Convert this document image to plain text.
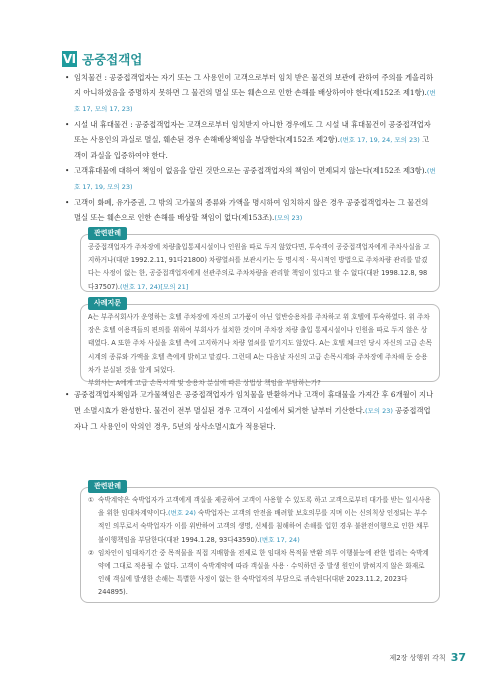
Ⅵ 공중접객업

• 임치물건 : 공중접객업자는 자기 또는 그 사용인이 고객으로부터 임치 받은 물건의 보관에 관하여 주의를 게을리하지 아니하였음을 증명하지 못하면 그 물건의 멸실 또는 훼손으로 인한 손해를 배상하여야 한다(제152조 제1항).(변호 17, 모의 17, 23)

• 시설 내 휴대물건 : 공중접객업자는 고객으로부터 임치받지 아니한 경우에도 그 시설 내 휴대물건이 공중접객업자 또는 사용인의 과실로 멸실, 훼손된 경우 손해배상책임을 부담한다(제152조 제2항).(변호 17, 19, 24, 모의 23) 고객이 과실을 입증하여야 한다.

• 고객휴대물에 대하여 책임이 없음을 알린 것만으로는 공중접객업자의 책임이 면제되지 않는다(제152조 제3항).(변호 17, 19, 모의 23)

• 고객이 화폐, 유가증권, 그 밖의 고가물의 종류와 가액을 명시하여 임치하지 않은 경우 공중접객업자는 그 물건의 멸실 또는 훼손으로 인한 손해를 배상할 책임이 없다(제153조).(모의 23)

관련판례

공중접객업자가 주차장에 차량출입통제시설이나 인원을 따로 두지 않았다면, 투숙객이 공중접객업자에게 주차사실을 고지하거나(대판 1992.2.11, 91다21800) 차량열쇠를 보관시키는 등 명시적 · 묵시적인 방법으로 주차차량 관리를 맡겼다는 사정이 없는 한, 공중접객업자에게 선관주의로 주차차량을 관리할 책임이 있다고 할 수 없다(대판 1998.12.8, 98다37507).(변호 17, 24)[모의 21]

사례지문

A는 부주식회사가 운영하는 호텔 주차장에 자신의 고가품이 아닌 일반승용차를 주차하고 위 호텔에 투숙하였다. 위 주차장은 호텔 이용객들의 편의를 위하여 부회사가 설치한 것이며 주차장 차량 출입 통제시설이나 인원을 따로 두지 않은 상태였다. A 또한 주차 사실을 호텔 측에 고지하거나 차량 열쇠를 맡기지도 않았다. A는 호텔 체크인 당시 자신의 고급 손목시계의 종류와 가액을 호텔 측에게 밝히고 맡겼다. 그런데 A는 다음날 자신의 고급 손목시계와 주차장에 주차해 둔 승용차가 분실된 것을 알게 되었다.

부회사는 A에게 고급 손목시계 및 승용차 분실에 따른 상법상 책임을 부담하는가?

• 공중접객업자책임과 고가물책임은 공중접객업자가 임치물을 반환하거나 고객이 휴대물을 가져간 후 6개월이 지나면 소멸시효가 완성한다. 물건이 전부 멸실된 경우 고객이 시설에서 퇴거한 날부터 기산한다.(모의 23) 공중접객업자나 그 사용인이 악의인 경우, 5년의 상사소멸시효가 적용된다.

관련판례

① 숙박계약은 숙박업자가 고객에게 객실을 제공하여 고객이 사용할 수 있도록 하고 고객으로부터 대가를 받는 일시사용을 위한 임대차계약이다.(변호 24) 숙박업자는 고객의 안전을 배려할 보호의무를 지며 이는 신의칙상 인정되는 부수적인 의무로서 숙박업자가 이를 위반하여 고객의 생명, 신체를 침해하여 손해를 입힌 경우 불완전이행으로 인한 채무불이행책임을 부담한다(대판 1994.1.28, 93다43590).(변호 17, 24)

② 임차인이 임대차기간 중 목적물을 직접 지배함을 전제로 한 임대차 목적물 반환 의무 이행불능에 관한 법리는 숙박계약에 그대로 적용될 수 없다. 고객이 숙박계약에 따라 객실을 사용 · 수익하던 중 발생 원인이 밝혀지지 않은 화재로 인해 객실에 발생한 손해는 특별한 사정이 없는 한 숙박업자의 부담으로 귀속된다(대판 2023.11.2, 2023다244895).

제2장 상행위 각칙 37
